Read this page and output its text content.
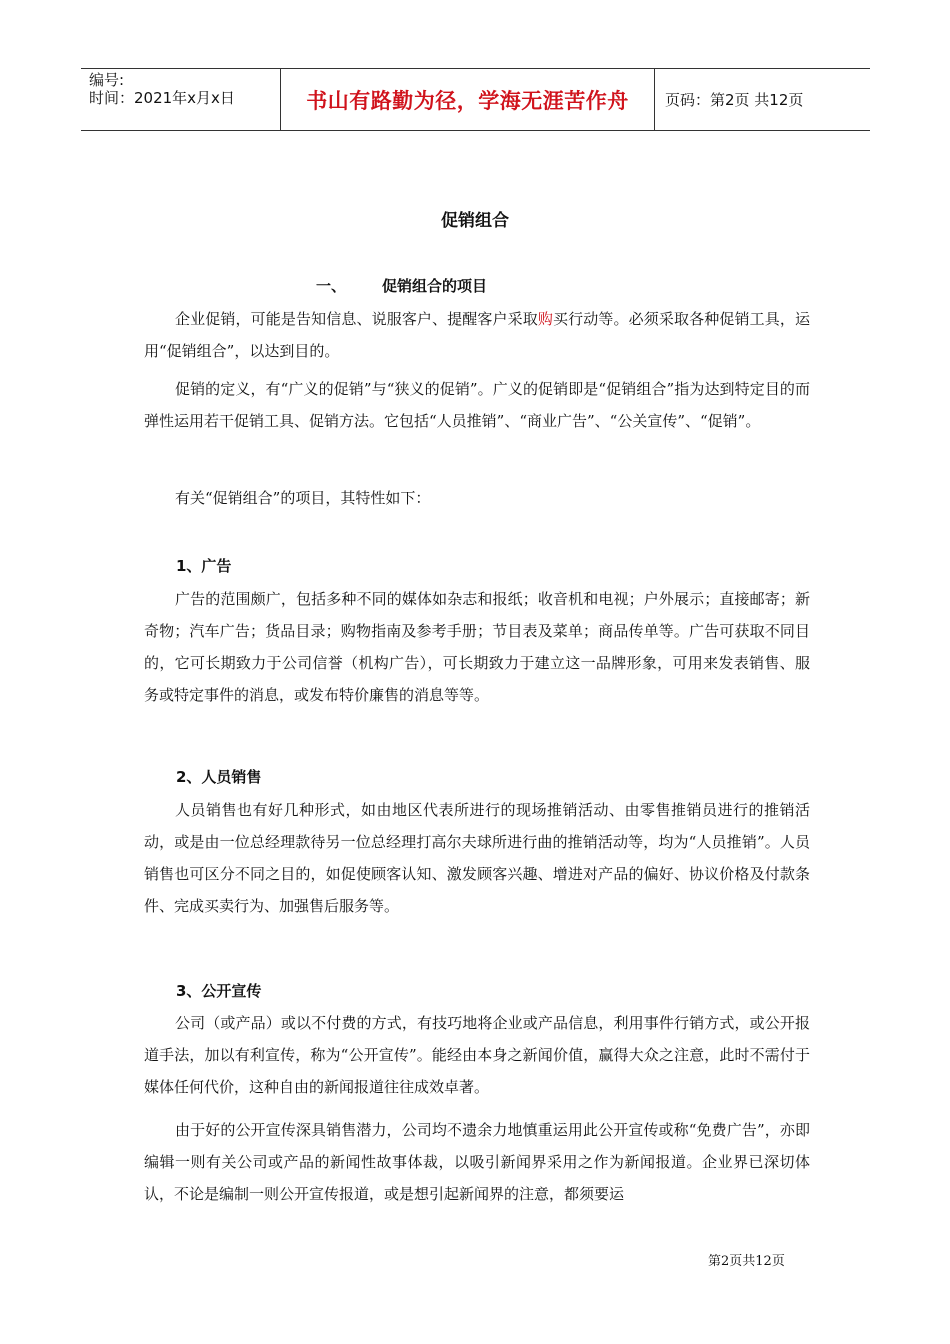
编号:
时间：2021年x月x日	书山有路勤为径，学海无涯苦作舟	页码：第2页 共12页
促销组合
一、 促销组合的项目

企业促销，可能是告知信息、说服客户、提醒客户采取购买行动等。必须采取各种促销工具，运用“促销组合”，以达到目的。

促销的定义，有“广义的促销”与“狭义的促销”。广义的促销即是“促销组合”指为达到特定目的而弹性运用若干促销工具、促销方法。它包括“人员推销”、“商业广告”、“公关宣传”、“促销”。

有关“促销组合”的项目，其特性如下：

1、广告

广告的范围颇广，包括多种不同的媒体如杂志和报纸；收音机和电视；户外展示；直接邮寄；新奇物；汽车广告；货品目录；购物指南及参考手册；节目表及菜单；商品传单等。广告可获取不同目的，它可长期致力于公司信誉（机构广告），可长期致力于建立这一品牌形象，可用来发表销售、服务或特定事件的消息，或发布特价廉售的消息等等。

2、人员销售

人员销售也有好几种形式，如由地区代表所进行的现场推销活动、由零售推销员进行的推销活动，或是由一位总经理款待另一位总经理打高尔夫球所进行曲的推销活动等，均为“人员推销”。人员销售也可区分不同之目的，如促使顾客认知、激发顾客兴趣、增进对产品的偏好、协议价格及付款条件、完成买卖行为、加强售后服务等。

3、公开宣传

公司（或产品）或以不付费的方式，有技巧地将企业或产品信息，利用事件行销方式，或公开报道手法，加以有利宣传，称为“公开宣传”。能经由本身之新闻价值，赢得大众之注意，此时不需付于媒体任何代价，这种自由的新闻报道往往成效卓著。

由于好的公开宣传深具销售潜力，公司均不遗余力地慎重运用此公开宣传或称“免费广告”，亦即编辑一则有关公司或产品的新闻性故事体裁，以吸引新闻界采用之作为新闻报道。企业界已深切体认，不论是编制一则公开宣传报道，或是想引起新闻界的注意，都须要运

第2页共12页
